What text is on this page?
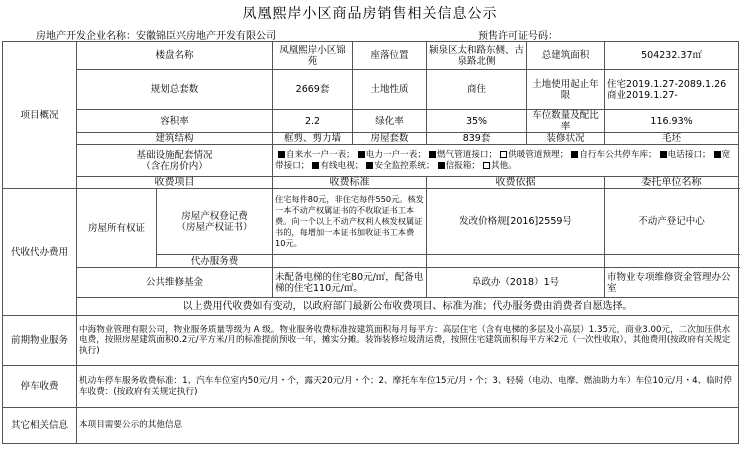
凤凰熙岸小区商品房销售相关信息公示
房地产开发企业名称：安徽锦臣兴房地产开发有限公司	预售许可证号码：
项目概况	楼盘名称		凤凰熙岸小区锦苑	座落位置	颍泉区太和路东侧、古泉路北侧	总建筑面积	504232.37㎡
	规划总套数		2669套	土地性质	商住	土地使用起止年限	住宅2019.1.27-2089.1.26
商业2019.1.27-
	容积率		2.2	绿化率	35%	车位数量及配比率	116.93%
	建筑结构		框剪、剪力墙	房屋套数	839套	装修状况	毛坯
	基础设施配套情况
（含在房价内）		自来水一户一表； 电力一户一表； 燃气管道接口； 供暖管道预埋； 自行车公共停车库； 电话接口； 宽带接口； 有线电视； 安全监控系统； 信报箱； 其他。				
	收费项目		收费标准		收费依据		委托单位名称
代收代办费用	房屋所有权证	房屋产权登记费
（房屋产权证书）	住宅每件80元，非住宅每件550元。核发一本不动产权属证书的不收取证书工本费。向一个以上不动产权利人核发权属证书的，每增加一本证书加收证书工本费10元。		发改价格规[2016]2559号		不动产登记中心
		代办服务费					
	公共维修基金		未配备电梯的住宅80元/㎡，配备电梯的住宅110元/㎡。		阜政办（2018）1号		市物业专项维修资金管理办公室
	以上费用代收费如有变动，以政府部门最新公布收费项目、标准为准；代办服务费由消费者自愿选择。						
前期物业服务	中海物业管理有限公司，物业服务质量等级为 A 级。物业服务收费标准按建筑面积每月每平方：高层住宅（含有电梯的多层及小高层）1.35元，商业3.00元，二次加压供水电费，按照房屋建筑面积0.2元/平方米/月的标准提前预收一年，摊实分摊。装饰装修垃圾清运费，按照住宅建筑面积每平方米2元（一次性收取），其他费用(按政府有关规定执行)						
停车收费	机动车停车服务收费标准：1、汽车车位室内50元/月・个，露天20元/月・个；2、摩托车车位15元/月・个；3、轻骑（电动、电摩、燃油助力车）车位10元/月・4、临时停车收费：(按政府有关规定执行)						
其它相关信息	本项目需要公示的其他信息						
